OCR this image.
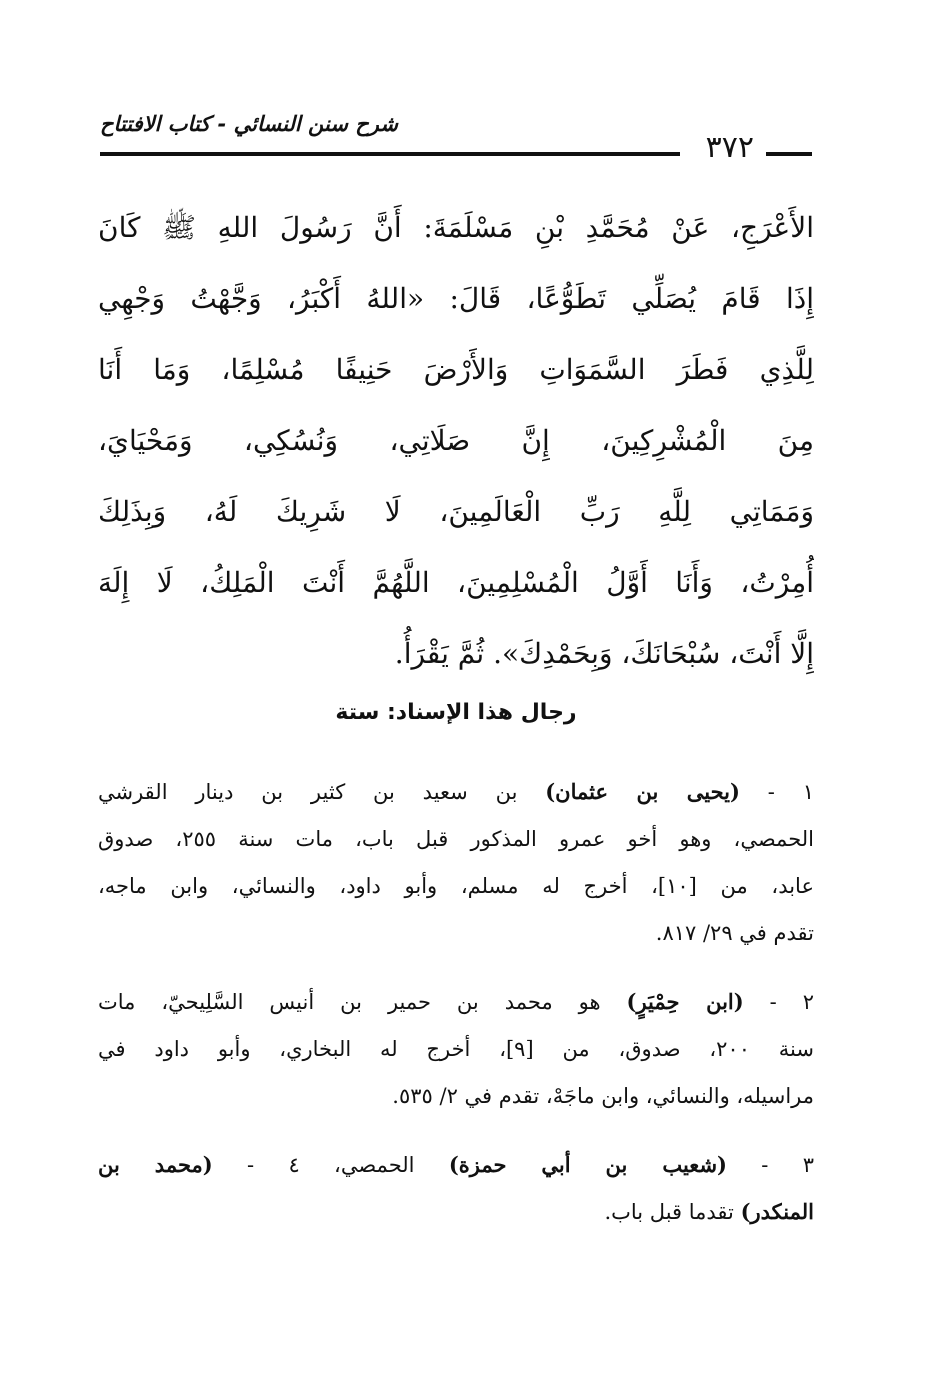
٣٧٢
شرح سنن النسائي - كتاب الافتتاح
الأَعْرَجِ، عَنْ مُحَمَّدِ بْنِ مَسْلَمَةَ: أَنَّ رَسُولَ اللهِ ﷺ كَانَ
إِذَا قَامَ يُصَلِّي تَطَوُّعًا، قَالَ: «اللهُ أَكْبَرُ، وَجَّهْتُ وَجْهِي
لِلَّذِي فَطَرَ السَّمَوَاتِ وَالأَرْضَ حَنِيفًا مُسْلِمًا، وَمَا أَنَا
مِنَ الْمُشْرِكِينَ، إِنَّ صَلَاتِي، وَنُسُكِي، وَمَحْيَايَ،
وَمَمَاتِي لِلَّهِ رَبِّ الْعَالَمِينَ، لَا شَرِيكَ لَهُ، وَبِذَلِكَ
أُمِرْتُ، وَأَنَا أَوَّلُ الْمُسْلِمِينَ، اللَّهُمَّ أَنْتَ الْمَلِكُ، لَا إِلَهَ
إِلَّا أَنْتَ، سُبْحَانَكَ، وَبِحَمْدِكَ». ثُمَّ يَقْرَأُ.
رجال هذا الإسناد: ستة
١ - (يحيى بن عثمان) بن سعيد بن كثير بن دينار القرشي
الحمصي، وهو أخو عمرو المذكور قبل باب، مات سنة ٢٥٥، صدوق
عابد، من [١٠]، أخرج له مسلم، وأبو داود، والنسائي، وابن ماجه،
تقدم في ٢٩/ ٨١٧.
٢ - (ابن حِمْيَرٍ) هو محمد بن حمير بن أنيس السَّلِيحيّ، مات
سنة ٢٠٠، صدوق، من [٩]، أخرج له البخاري، وأبو داود في
مراسيله، والنسائي، وابن ماجَهْ، تقدم في ٢/ ٥٣٥.
٣ - (شعيب بن أبي حمزة) الحمصي، ٤ - (محمد بن
المنكدر) تقدما قبل باب.
